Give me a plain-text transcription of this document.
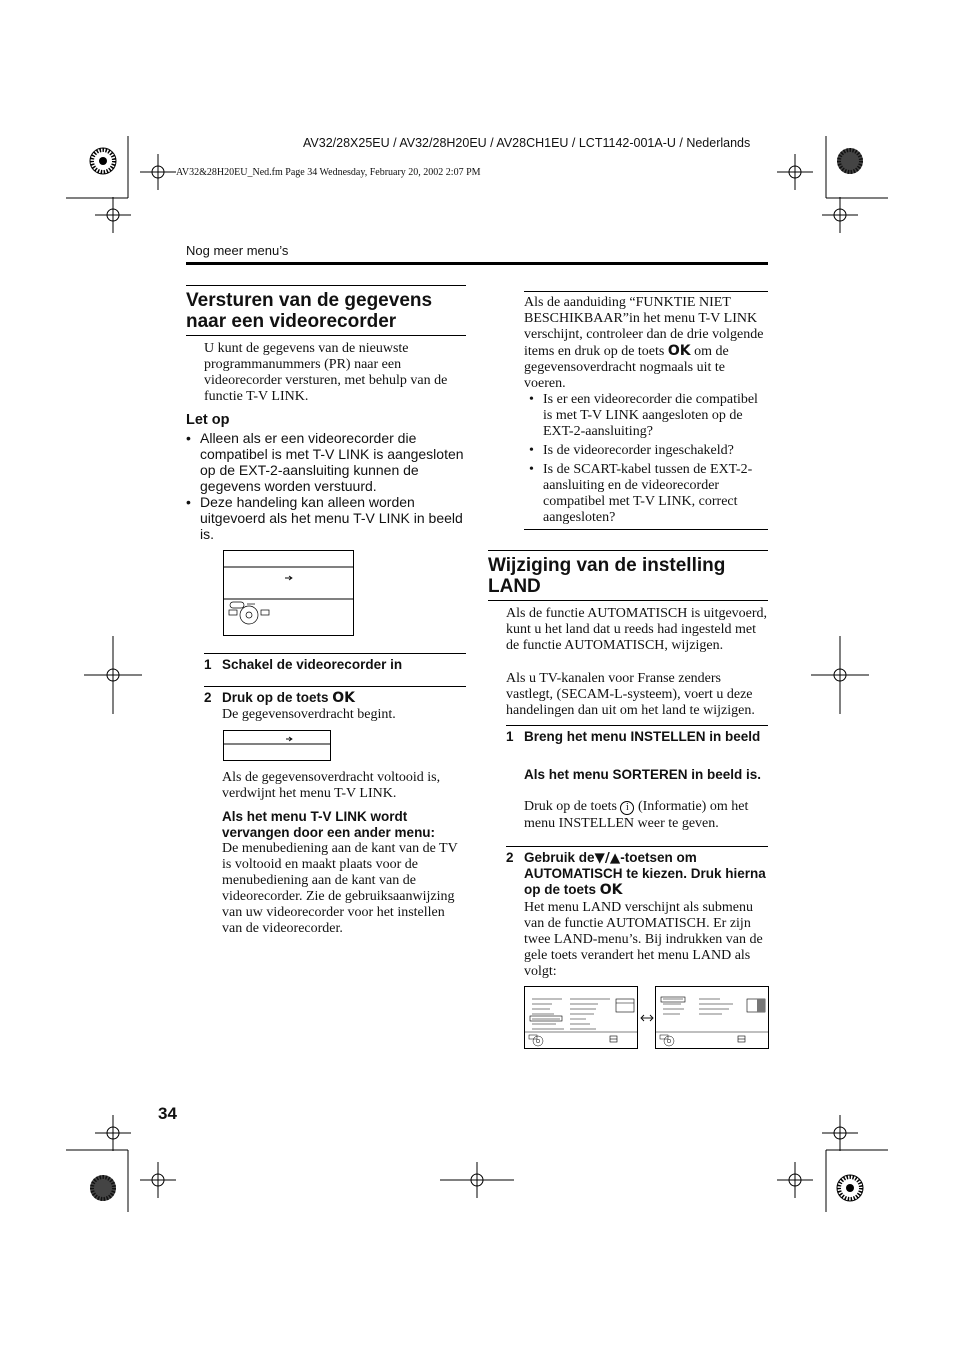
AV32/28X25EU / AV32/28H20EU / AV28CH1EU / LCT1142-001A-U / Nederlands
AV32&28H20EU_Ned.fm Page 34 Wednesday, February 20, 2002 2:07 PM
Nog meer menu’s
Versturen van de gegevens naar een videorecorder
U kunt de gegevens van de nieuwste programmanummers (PR) naar een videorecorder versturen, met behulp van de functie T-V LINK.
Let op
• Alleen als er een videorecorder die compatibel is met T-V LINK is aangesloten op de EXT-2-aansluiting kunnen de gegevens worden verstuurd.
• Deze handeling kan alleen worden uitgevoerd als het menu T-V LINK in beeld is.
1 Schakel de videorecorder in
2 Druk op de toets OK
De gegevensoverdracht begint.
Als de gegevensoverdracht voltooid is, verdwijnt het menu T-V LINK.
Als het menu T-V LINK wordt vervangen door een ander menu:
De menubediening aan de kant van de TV is voltooid en maakt plaats voor de menubediening aan de kant van de videorecorder. Zie de gebruiksaanwijzing van uw videorecorder voor het instellen van de videorecorder.
Als de aanduiding “FUNKTIE NIET BESCHIKBAAR”in het menu T-V LINK verschijnt, controleer dan de drie volgende items en druk op de toets OK om de gegevensoverdracht nogmaals uit te voeren.
• Is er een videorecorder die compatibel is met T-V LINK aangesloten op de EXT-2-aansluiting?
• Is de videorecorder ingeschakeld?
• Is de SCART-kabel tussen de EXT-2-aansluiting en de videorecorder compatibel met T-V LINK, correct aangesloten?
Wijziging van de instelling LAND
Als de functie AUTOMATISCH is uitgevoerd, kunt u het land dat u reeds had ingesteld met de functie AUTOMATISCH, wijzigen.
Als u TV-kanalen voor Franse zenders vastlegt, (SECAM-L-systeem), voert u deze handelingen dan uit om het land te wijzigen.
1 Breng het menu INSTELLEN in beeld
Als het menu SORTEREN in beeld is.
Druk op de toets i (Informatie) om het menu INSTELLEN weer te geven.
2 Gebruik de▼/▲-toetsen om AUTOMATISCH te kiezen. Druk hierna op de toets OK
Het menu LAND verschijnt als submenu van de functie AUTOMATISCH. Er zijn twee LAND-menu’s. Bij indrukken van de gele toets verandert het menu LAND als volgt:
34
